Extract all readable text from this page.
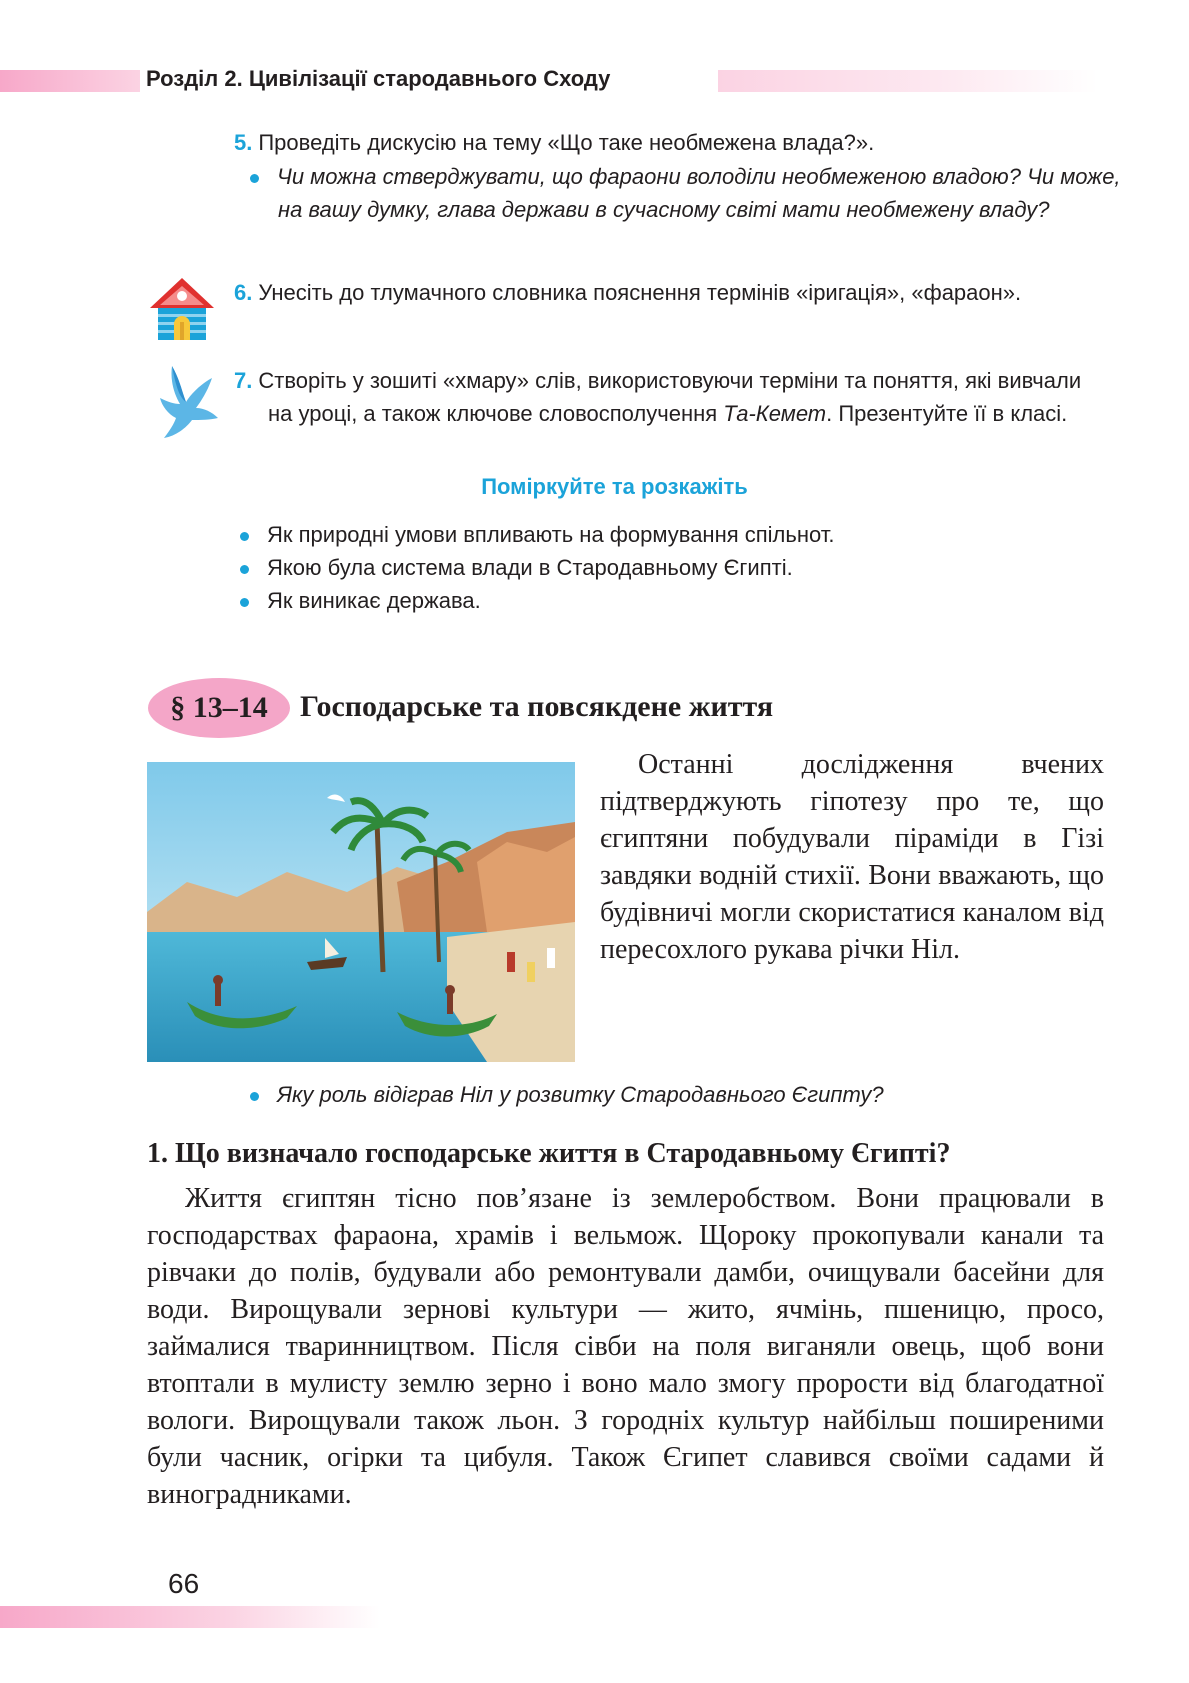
Розділ 2. Цивілізації стародавнього Сходу
5. Проведіть дискусію на тему «Що таке необмежена влада?».
Чи можна стверджувати, що фараони володіли необмеженою владою? Чи може, на вашу думку, глава держави в сучасному світі мати необмежену владу?
6. Унесіть до тлумачного словника пояснення термінів «іригація», «фараон».
7. Створіть у зошиті «хмару» слів, використовуючи терміни та поняття, які вивчали на уроці, а також ключове словосполучення Та-Кемет. Презентуйте її в класі.
Поміркуйте та розкажіть
Як природні умови впливають на формування спільнот.
Якою була система влади в Стародавньому Єгипті.
Як виникає держава.
§ 13–14	Господарське та повсякдене життя
Останні дослідження вчених підтверджують гіпотезу про те, що єгиптяни побудували піраміди в Гізі завдяки водній стихії. Вони вважають, що будівничі могли скористатися каналом від пересохлого рукава річки Ніл.
Яку роль відіграв Ніл у розвитку Стародавнього Єгипту?
1. Що визначало господарське життя в Стародавньому Єгипті?

Життя єгиптян тісно пов’язане із землеробством. Вони працювали в господарствах фараона, храмів і вельмож. Щороку прокопували канали та рівчаки до полів, будували або ремонтували дамби, очищували басейни для води. Вирощували зернові культури — жито, ячмінь, пшеницю, просо, займалися тваринництвом. Після сівби на поля виганяли овець, щоб вони втоптали в мулисту землю зерно і воно мало змогу прорости від благодатної вологи. Вирощували також льон. З городніх культур найбільш поширеними були часник, огірки та цибуля. Також Єгипет славився своїми садами й виноградниками.

66
